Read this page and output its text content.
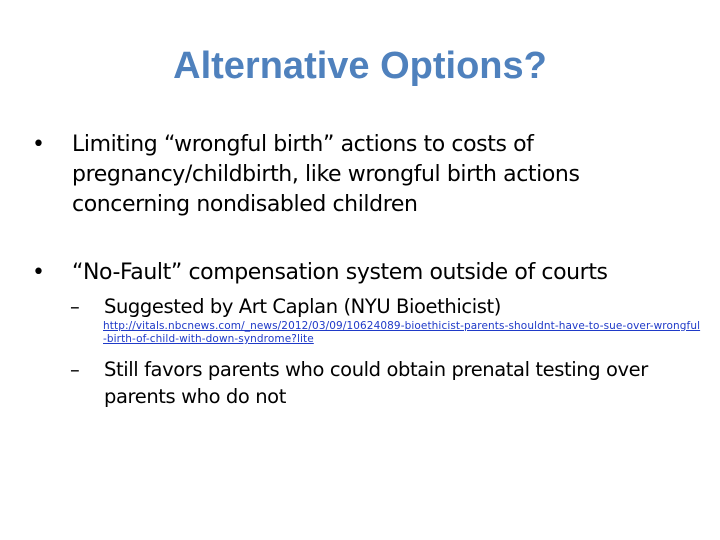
Alternative Options?
•	Limiting “wrongful birth” actions to costs of pregnancy/childbirth, like wrongful birth actions concerning nondisabled children
•	“No-Fault” compensation system outside of courts
– Suggested by Art Caplan (NYU Bioethicist)
http://vitals.nbcnews.com/_news/2012/03/09/10624089-bioethicist-parents-shouldnt-have-to-sue-over-wrongful-birth-of-child-with-down-syndrome?lite
– Still favors parents who could obtain prenatal testing over parents who do not
